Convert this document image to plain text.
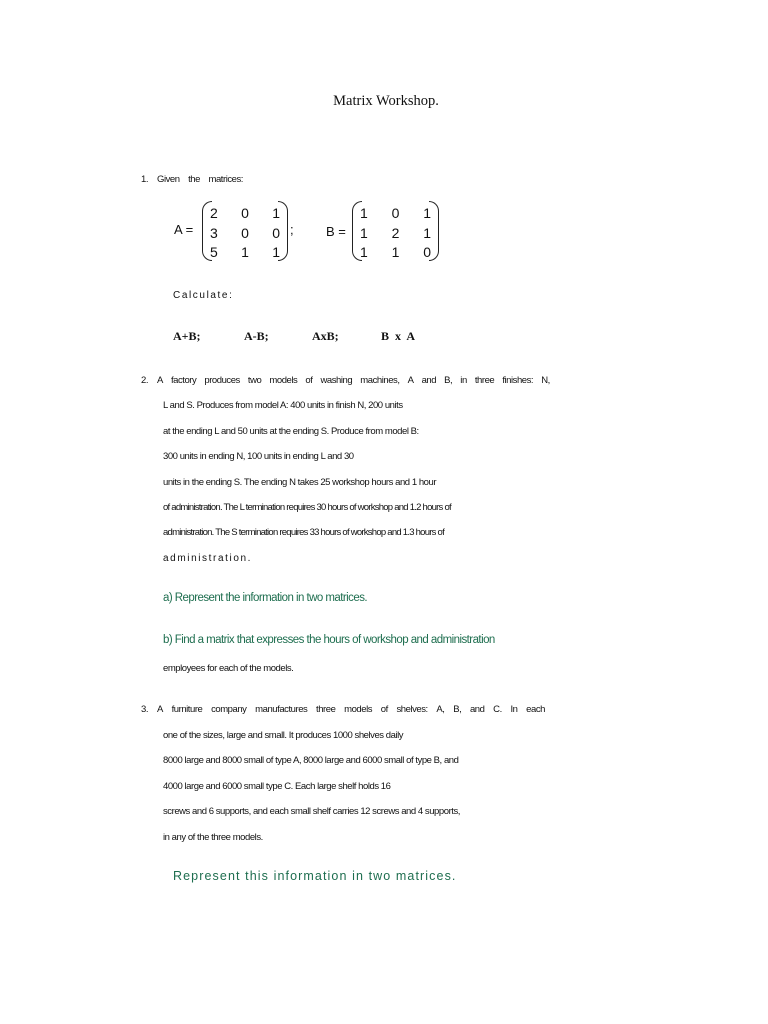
Matrix Workshop.
1. Given the matrices:
A =
2	0	1
3	0	0
5	1	1
; B =
1	0	1
1	2	1
1	1	0
Calculate:
A+B;	A-B;	AxB;	B x A
2. A factory produces two models of washing machines, A and B, in three finishes: N,
L and S. Produces from model A: 400 units in finish N, 200 units
at the ending L and 50 units at the ending S. Produce from model B:
300 units in ending N, 100 units in ending L and 30
units in the ending S. The ending N takes 25 workshop hours and 1 hour
of administration. The L termination requires 30 hours of workshop and 1.2 hours of
administration. The S termination requires 33 hours of workshop and 1.3 hours of
administration.
a) Represent the information in two matrices.
b) Find a matrix that expresses the hours of workshop and administration
employees for each of the models.
3. A furniture company manufactures three models of shelves: A, B, and C. In each
one of the sizes, large and small. It produces 1000 shelves daily
8000 large and 8000 small of type A, 8000 large and 6000 small of type B, and
4000 large and 6000 small type C. Each large shelf holds 16
screws and 6 supports, and each small shelf carries 12 screws and 4 supports,
in any of the three models.
Represent this information in two matrices.
